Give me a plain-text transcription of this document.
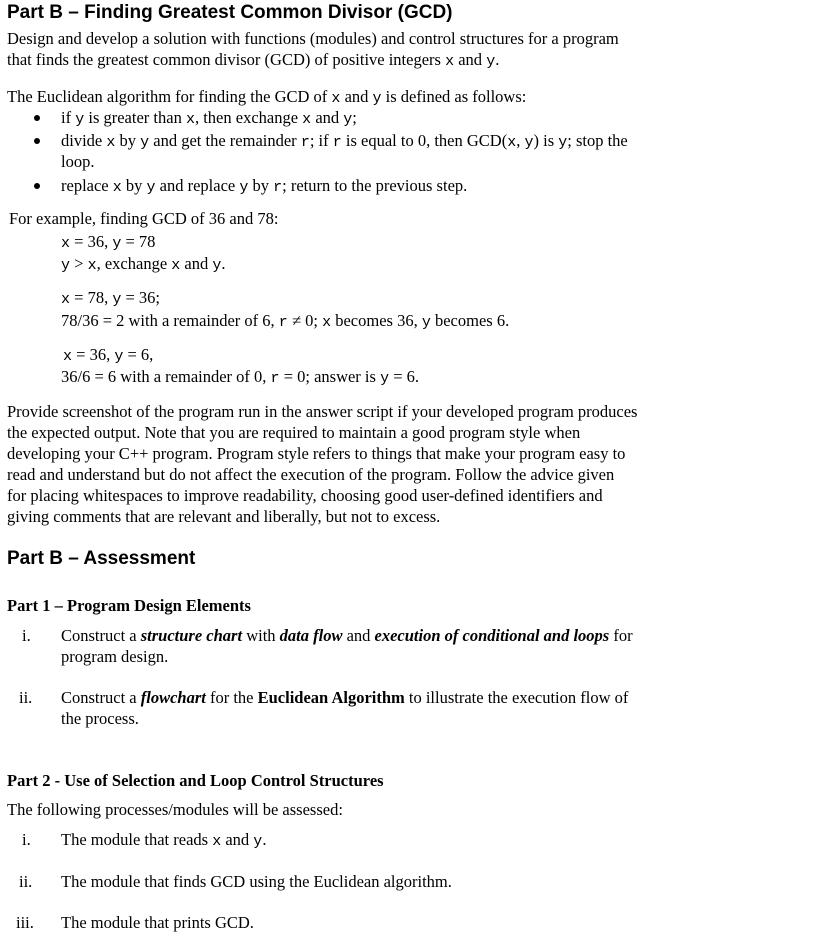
Part B – Finding Greatest Common Divisor (GCD)
Design and develop a solution with functions (modules) and control structures for a program
that finds the greatest common divisor (GCD) of positive integers x and y.
The Euclidean algorithm for finding the GCD of x and y is defined as follows:
if y is greater than x, then exchange x and y;
divide x by y and get the remainder r; if r is equal to 0, then GCD(x, y) is y; stop the
loop.
replace x by y and replace y by r; return to the previous step.
For example, finding GCD of 36 and 78:
x = 36, y = 78
y > x, exchange x and y.
x = 78, y = 36;
78/36 = 2 with a remainder of 6, r ≠ 0; x becomes 36, y becomes 6.
x = 36, y = 6,
36/6 = 6 with a remainder of 0, r = 0; answer is y = 6.
Provide screenshot of the program run in the answer script if your developed program produces
the expected output. Note that you are required to maintain a good program style when
developing your C++ program. Program style refers to things that make your program easy to
read and understand but do not affect the execution of the program. Follow the advice given
for placing whitespaces to improve readability, choosing good user-defined identifiers and
giving comments that are relevant and liberally, but not to excess.
Part B – Assessment
Part 1 – Program Design Elements
i. Construct a structure chart with data flow and execution of conditional and loops for
program design.
ii. Construct a flowchart for the Euclidean Algorithm to illustrate the execution flow of
the process.
Part 2 - Use of Selection and Loop Control Structures
The following processes/modules will be assessed:
i. The module that reads x and y.
ii. The module that finds GCD using the Euclidean algorithm.
iii. The module that prints GCD.
